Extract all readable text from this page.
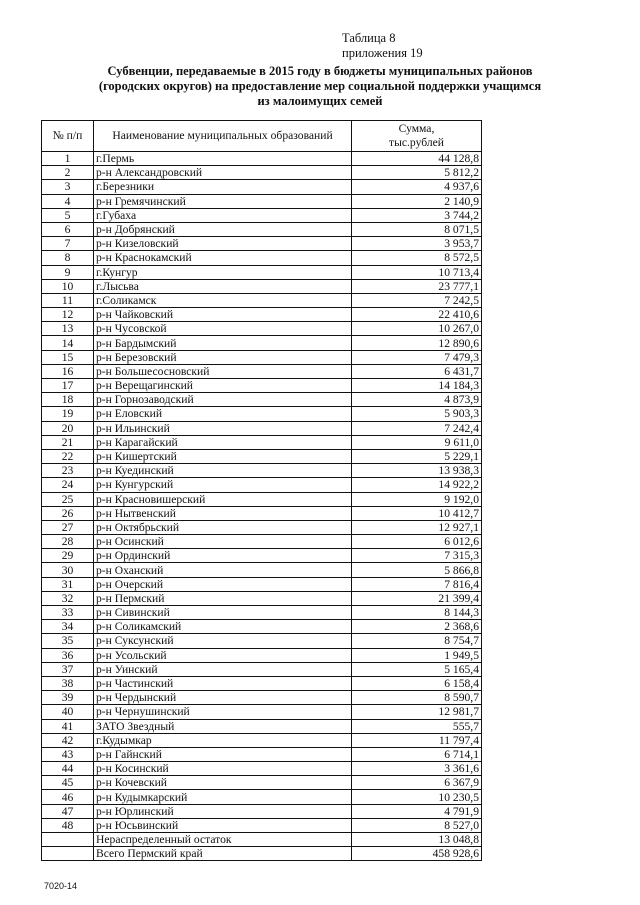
Таблица 8
приложения 19
Субвенции, передаваемые в 2015 году в бюджеты муниципальных районов
(городских округов) на предоставление мер социальной поддержки учащимся
из малоимущих семей
№ п/п	Наименование муниципальных образований	Сумма,
тыс.рублей

1	г.Пермь	44 128,8
2	р-н Александровский	5 812,2
3	г.Березники	4 937,6
4	р-н Гремячинский	2 140,9
5	г.Губаха	3 744,2
6	р-н Добрянский	8 071,5
7	р-н Кизеловский	3 953,7
8	р-н Краснокамский	8 572,5
9	г.Кунгур	10 713,4
10	г.Лысьва	23 777,1
11	г.Соликамск	7 242,5
12	р-н Чайковский	22 410,6
13	р-н Чусовской	10 267,0
14	р-н Бардымский	12 890,6
15	р-н Березовский	7 479,3
16	р-н Большесосновский	6 431,7
17	р-н Верещагинский	14 184,3
18	р-н Горнозаводский	4 873,9
19	р-н Еловский	5 903,3
20	р-н Ильинский	7 242,4
21	р-н Карагайский	9 611,0
22	р-н Кишертский	5 229,1
23	р-н Куединский	13 938,3
24	р-н Кунгурский	14 922,2
25	р-н Красновишерский	9 192,0
26	р-н Нытвенский	10 412,7
27	р-н Октябрьский	12 927,1
28	р-н Осинский	6 012,6
29	р-н Ординский	7 315,3
30	р-н Оханский	5 866,8
31	р-н Очерский	7 816,4
32	р-н Пермский	21 399,4
33	р-н Сивинский	8 144,3
34	р-н Соликамский	2 368,6
35	р-н Суксунский	8 754,7
36	р-н Усольский	1 949,5
37	р-н Уинский	5 165,4
38	р-н Частинский	6 158,4
39	р-н Чердынский	8 590,7
40	р-н Чернушинский	12 981,7
41	ЗАТО Звездный	555,7
42	г.Кудымкар	11 797,4
43	р-н Гайнский	6 714,1
44	р-н Косинский	3 361,6
45	р-н Кочевский	6 367,9
46	р-н Кудымкарский	10 230,5
47	р-н Юрлинский	4 791,9
48	р-н Юсьвинский	8 527,0
	Нераспределенный остаток	13 048,8
	Всего Пермский край	458 928,6
7020-14
